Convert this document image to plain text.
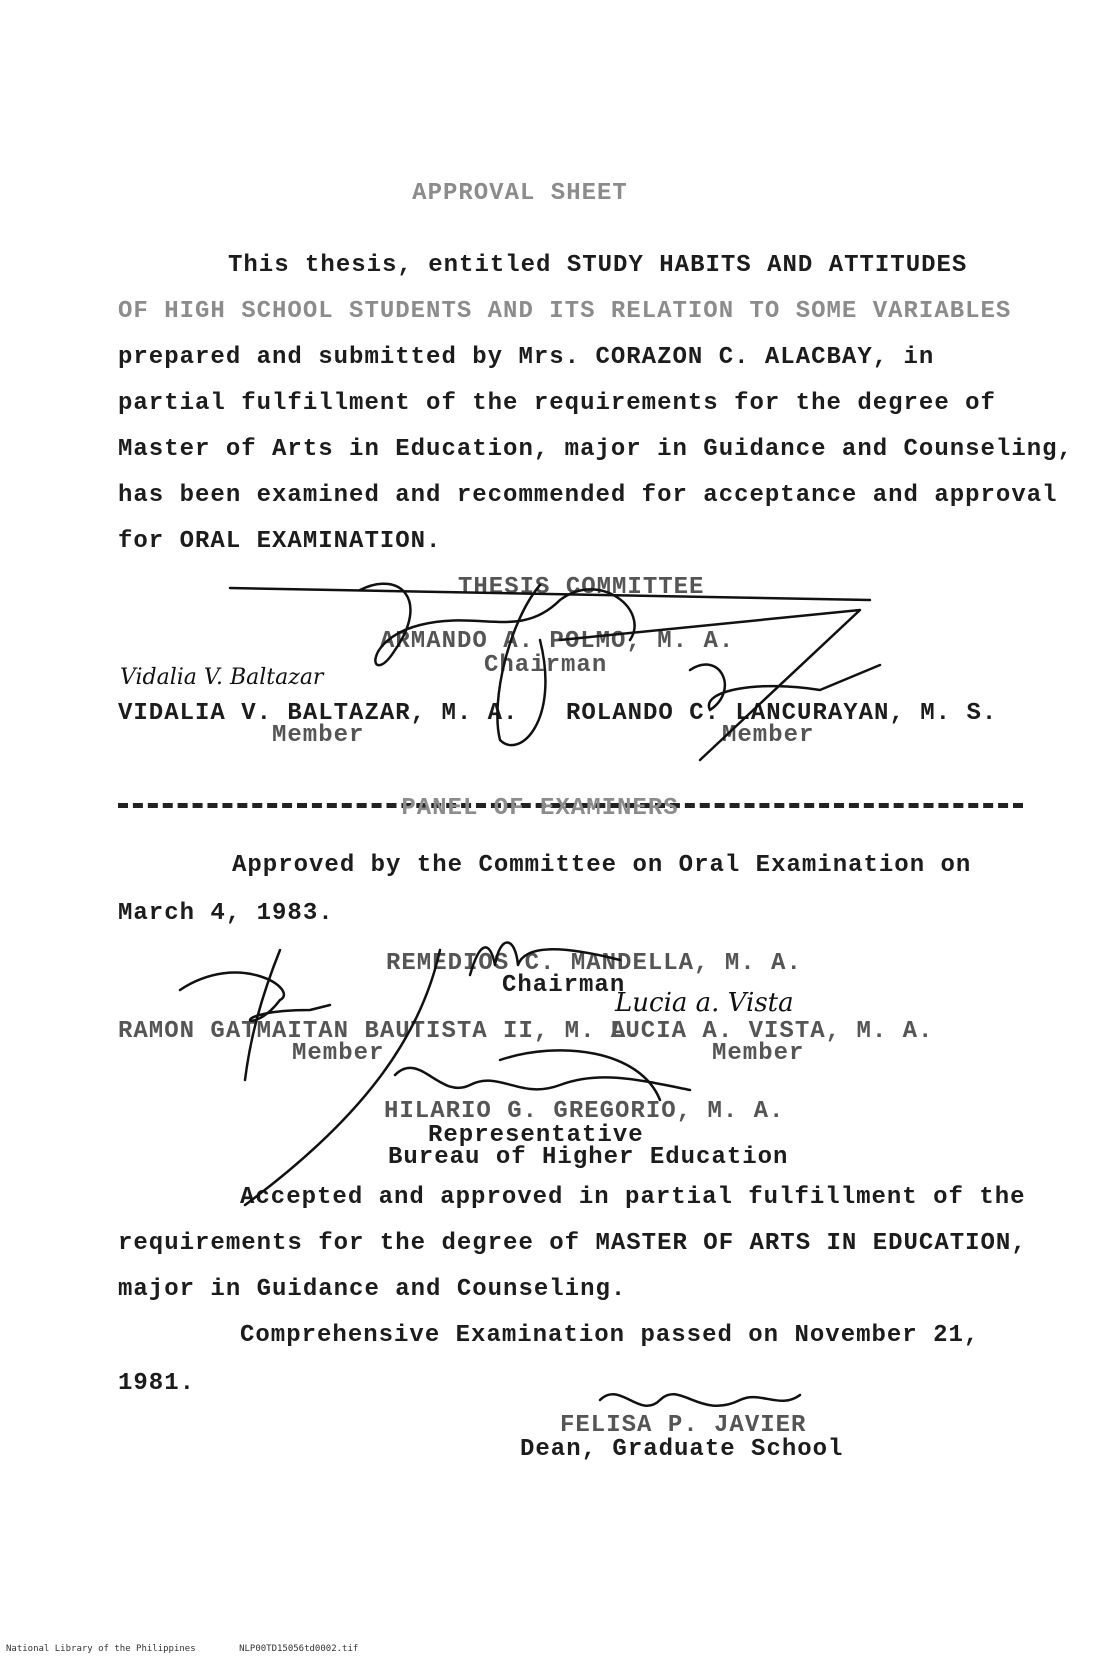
APPROVAL SHEET
This thesis, entitled STUDY HABITS AND ATTITUDES
OF HIGH SCHOOL STUDENTS AND ITS RELATION TO SOME VARIABLES
prepared and submitted by Mrs. CORAZON C. ALACBAY, in
partial fulfillment of the requirements for the degree of
Master of Arts in Education, major in Guidance and Counseling,
has been examined and recommended for acceptance and approval
for ORAL EXAMINATION.
THESIS COMMITTEE
ARMANDO A. POLMO, M. A.
Chairman
Vidalia V. Baltazar
VIDALIA V. BALTAZAR, M. A.
Member
ROLANDO C. LANCURAYAN, M. S.
Member
PANEL OF EXAMINERS
Approved by the Committee on Oral Examination on
March 4, 1983.
REMEDIOS C. MANDELLA, M. A.
Chairman
RAMON GATMAITAN BAUTISTA II, M. A.
Member
Lucia a. Vista
LUCIA A. VISTA, M. A.
Member
HILARIO G. GREGORIO, M. A.
Representative
Bureau of Higher Education
Accepted and approved in partial fulfillment of the
requirements for the degree of MASTER OF ARTS IN EDUCATION,
major in Guidance and Counseling.
Comprehensive Examination passed on November 21,
1981.
FELISA P. JAVIER
Dean, Graduate School
National Library of the Philippines	NLP00TD15056td0002.tif
